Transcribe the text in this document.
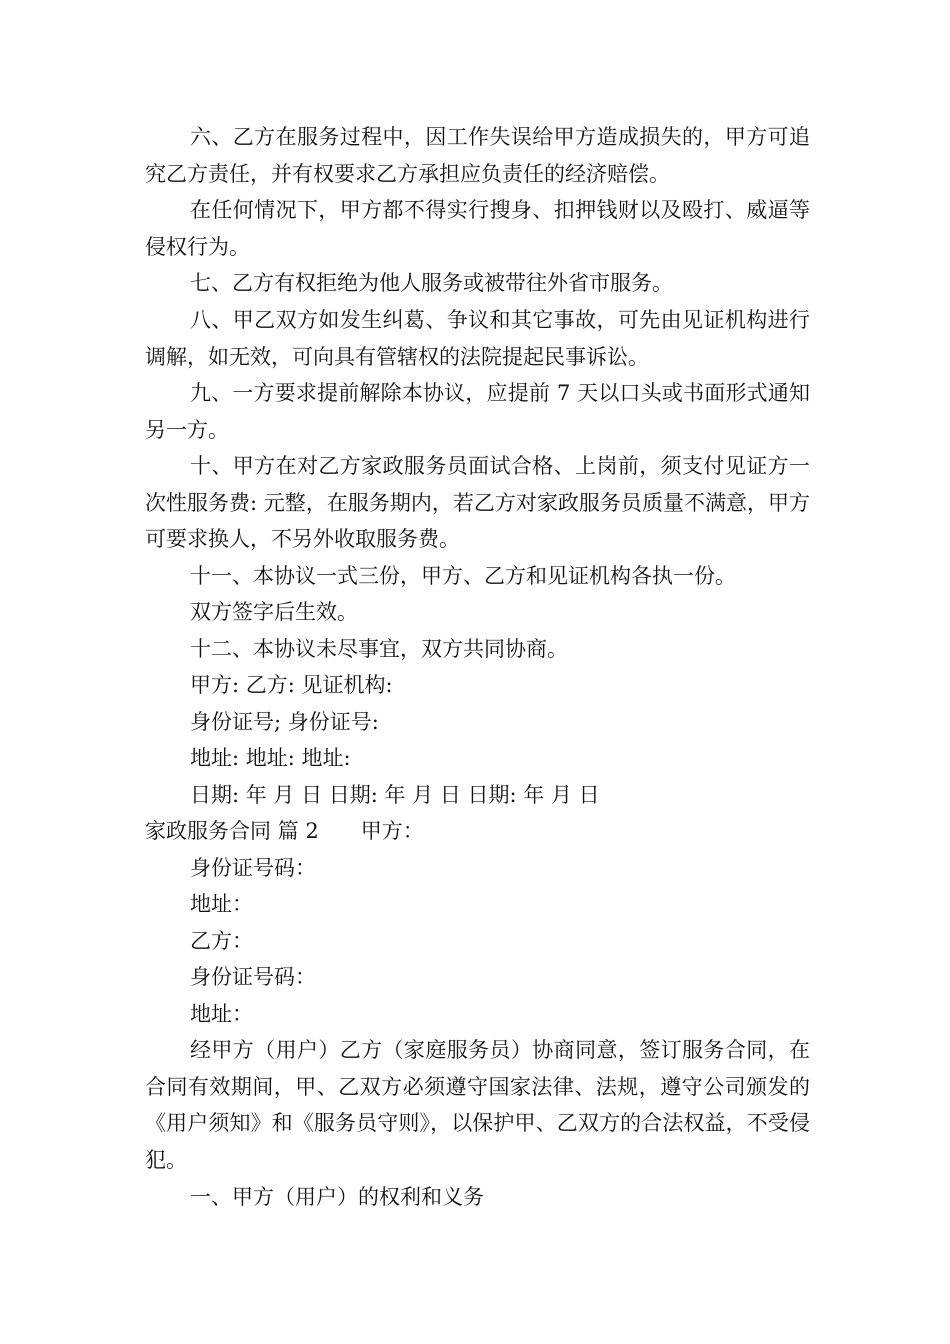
六、乙方在服务过程中，因工作失误给甲方造成损失的，甲方可追究乙方责任，并有权要求乙方承担应负责任的经济赔偿。

在任何情况下，甲方都不得实行搜身、扣押钱财以及殴打、威逼等侵权行为。

七、乙方有权拒绝为他人服务或被带往外省市服务。

八、甲乙双方如发生纠葛、争议和其它事故，可先由见证机构进行调解，如无效，可向具有管辖权的法院提起民事诉讼。

九、一方要求提前解除本协议，应提前 7 天以口头或书面形式通知另一方。

十、甲方在对乙方家政服务员面试合格、上岗前，须支付见证方一次性服务费: 元整，在服务期内，若乙方对家政服务员质量不满意，甲方可要求换人，不另外收取服务费。

十一、本协议一式三份，甲方、乙方和见证机构各执一份。

双方签字后生效。

十二、本协议未尽事宜，双方共同协商。

甲方: 乙方: 见证机构:

身份证号; 身份证号:

地址: 地址: 地址:

日期: 年 月 日 日期: 年 月 日 日期: 年 月 日

家政服务合同 篇 2 甲方：

身份证号码：

地址：

乙方：

身份证号码：

地址：

经甲方（用户）乙方（家庭服务员）协商同意，签订服务合同，在合同有效期间，甲、乙双方必须遵守国家法律、法规，遵守公司颁发的《用户须知》和《服务员守则》，以保护甲、乙双方的合法权益，不受侵犯。

一、甲方（用户）的权利和义务
